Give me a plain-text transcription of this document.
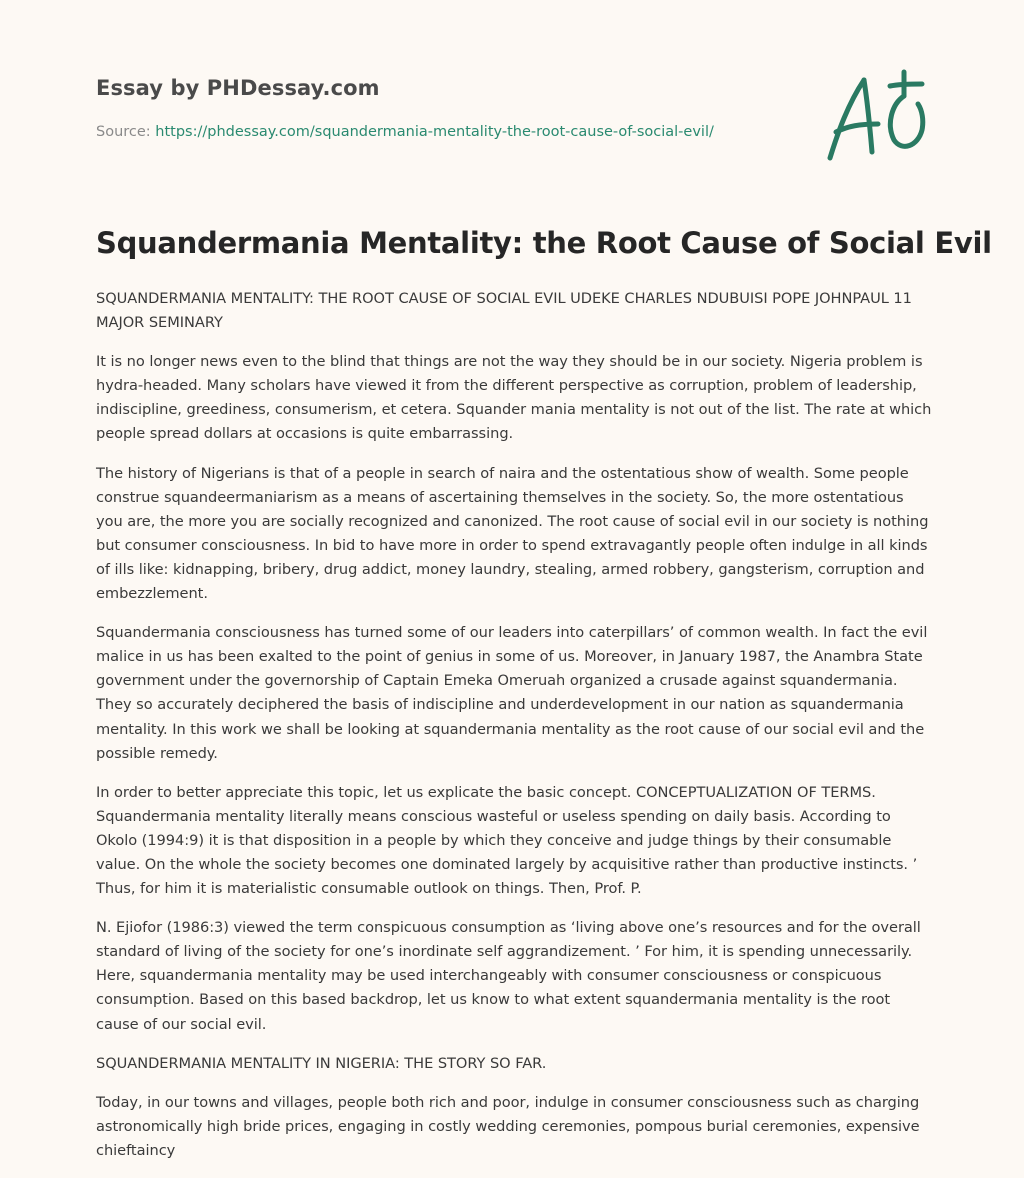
Essay by PHDessay.com
Source: https://phdessay.com/squandermania-mentality-the-root-cause-of-social-evil/
Squandermania Mentality: the Root Cause of Social Evil

SQUANDERMANIA MENTALITY: THE ROOT CAUSE OF SOCIAL EVIL UDEKE CHARLES NDUBUISI POPE JOHNPAUL 11 MAJOR SEMINARY

It is no longer news even to the blind that things are not the way they should be in our society. Nigeria problem is hydra-headed. Many scholars have viewed it from the different perspective as corruption, problem of leadership, indiscipline, greediness, consumerism, et cetera. Squander mania mentality is not out of the list. The rate at which people spread dollars at occasions is quite embarrassing.

The history of Nigerians is that of a people in search of naira and the ostentatious show of wealth. Some people construe squandeermaniarism as a means of ascertaining themselves in the society. So, the more ostentatious you are, the more you are socially recognized and canonized. The root cause of social evil in our society is nothing but consumer consciousness. In bid to have more in order to spend extravagantly people often indulge in all kinds of ills like: kidnapping, bribery, drug addict, money laundry, stealing, armed robbery, gangsterism, corruption and embezzlement.

Squandermania consciousness has turned some of our leaders into caterpillars’ of common wealth. In fact the evil malice in us has been exalted to the point of genius in some of us. Moreover, in January 1987, the Anambra State government under the governorship of Captain Emeka Omeruah organized a crusade against squandermania. They so accurately deciphered the basis of indiscipline and underdevelopment in our nation as squandermania mentality. In this work we shall be looking at squandermania mentality as the root cause of our social evil and the possible remedy.

In order to better appreciate this topic, let us explicate the basic concept. CONCEPTUALIZATION OF TERMS. Squandermania mentality literally means conscious wasteful or useless spending on daily basis. According to Okolo (1994:9) it is that disposition in a people by which they conceive and judge things by their consumable value. On the whole the society becomes one dominated largely by acquisitive rather than productive instincts. ’ Thus, for him it is materialistic consumable outlook on things. Then, Prof. P.

N. Ejiofor (1986:3) viewed the term conspicuous consumption as ‘living above one’s resources and for the overall standard of living of the society for one’s inordinate self aggrandizement. ’ For him, it is spending unnecessarily. Here, squandermania mentality may be used interchangeably with consumer consciousness or conspicuous consumption. Based on this based backdrop, let us know to what extent squandermania mentality is the root cause of our social evil.

SQUANDERMANIA MENTALITY IN NIGERIA: THE STORY SO FAR.

Today, in our towns and villages, people both rich and poor, indulge in consumer consciousness such as charging astronomically high bride prices, engaging in costly wedding ceremonies, pompous burial ceremonies, expensive chieftaincy
